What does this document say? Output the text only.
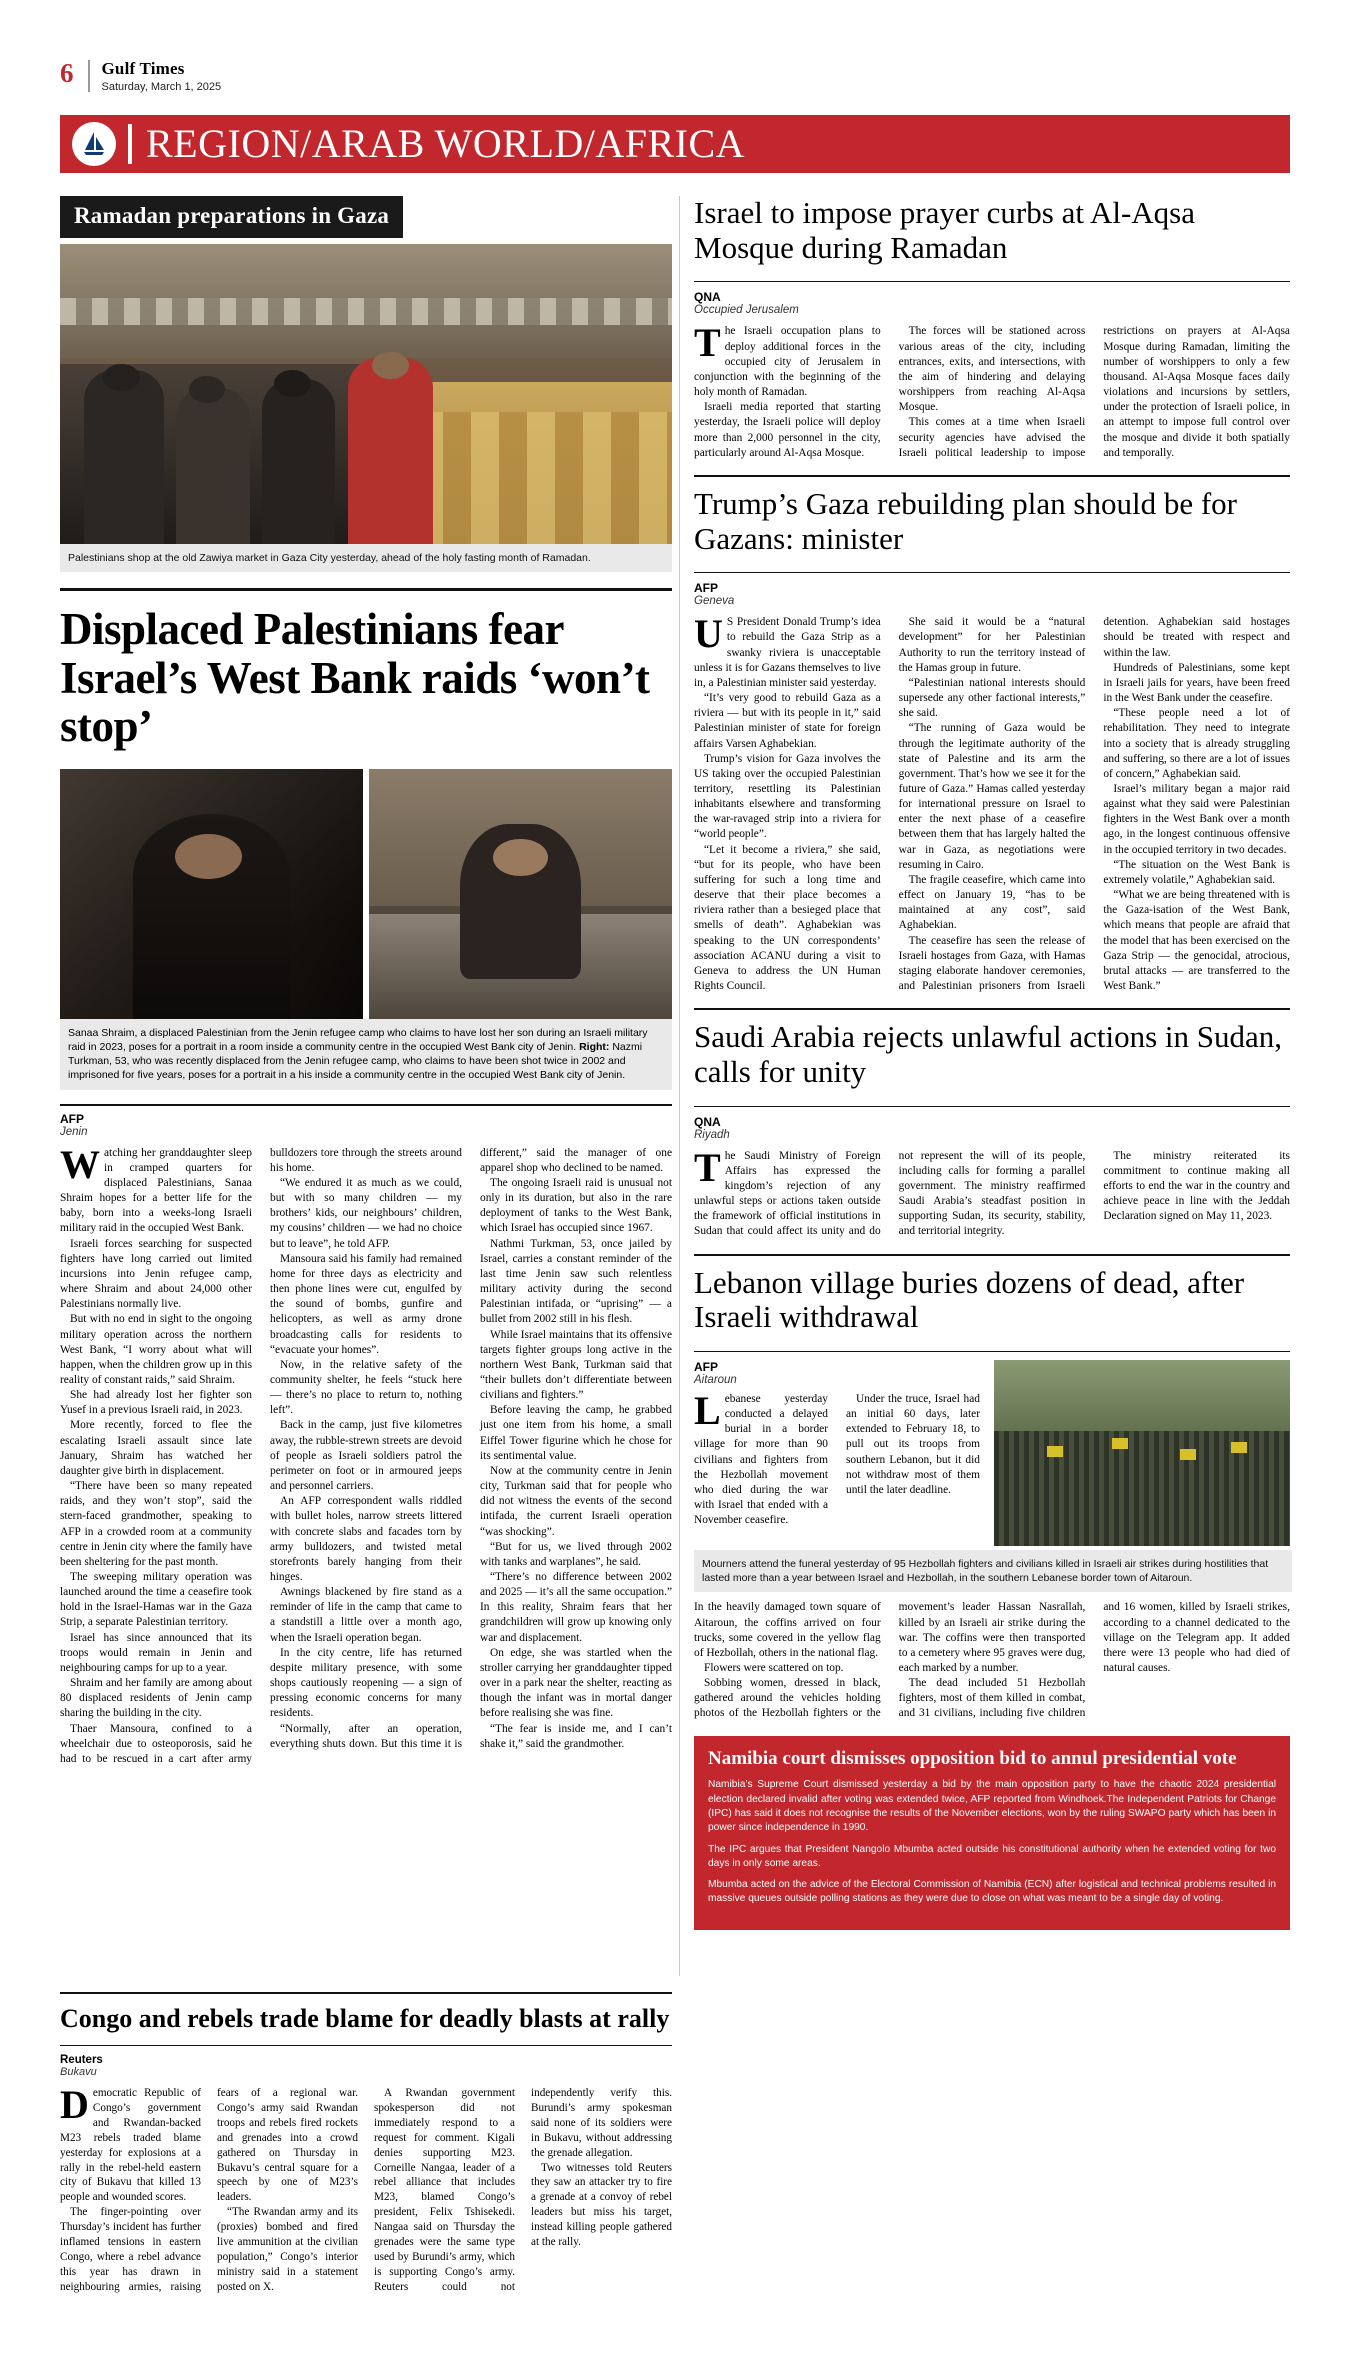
6 Gulf Times
Saturday, March 1, 2025
REGION/ARAB WORLD/AFRICA
Ramadan preparations in Gaza
Palestinians shop at the old Zawiya market in Gaza City yesterday, ahead of the holy fasting month of Ramadan.
Displaced Palestinians fear Israel’s West Bank raids ‘won’t stop’
Sanaa Shraim, a displaced Palestinian from the Jenin refugee camp who claims to have lost her son during an Israeli military raid in 2023, poses for a portrait in a room inside a community centre in the occupied West Bank city of Jenin. Right: Nazmi Turkman, 53, who was recently displaced from the Jenin refugee camp, who claims to have been shot twice in 2002 and imprisoned for five years, poses for a portrait in a his inside a community centre in the occupied West Bank city of Jenin.
AFP
Jenin

Watching her granddaughter sleep in cramped quarters for displaced Palestinians, Sanaa Shraim hopes for a better life for the baby, born into a weeks-long Israeli military raid in the occupied West Bank.

Israeli forces searching for suspected fighters have long carried out limited incursions into Jenin refugee camp, where Shraim and about 24,000 other Palestinians normally live.

But with no end in sight to the ongoing military operation across the northern West Bank, “I worry about what will happen, when the children grow up in this reality of constant raids,” said Shraim.

She had already lost her fighter son Yusef in a previous Israeli raid, in 2023.

More recently, forced to flee the escalating Israeli assault since late January, Shraim has watched her daughter give birth in displacement.

“There have been so many repeated raids, and they won’t stop”, said the stern-faced grandmother, speaking to AFP in a crowded room at a community centre in Jenin city where the family have been sheltering for the past month.

The sweeping military operation was launched around the time a ceasefire took hold in the Israel-Hamas war in the Gaza Strip, a separate Palestinian territory.

Israel has since announced that its troops would remain in Jenin and neighbouring camps for up to a year.

Shraim and her family are among about 80 displaced residents of Jenin camp sharing the building in the city.

Thaer Mansoura, confined to a wheelchair due to osteoporosis, said he had to be rescued in a cart after army bulldozers tore through the streets around his home.

“We endured it as much as we could, but with so many children — my brothers’ kids, our neighbours’ children, my cousins’ children — we had no choice but to leave”, he told AFP.

Mansoura said his family had remained home for three days as electricity and then phone lines were cut, engulfed by the sound of bombs, gunfire and helicopters, as well as army drone broadcasting calls for residents to “evacuate your homes”.

Now, in the relative safety of the community shelter, he feels “stuck here — there’s no place to return to, nothing left”.

Back in the camp, just five kilometres away, the rubble-strewn streets are devoid of people as Israeli soldiers patrol the perimeter on foot or in armoured jeeps and personnel carriers.

An AFP correspondent walls riddled with bullet holes, narrow streets littered with concrete slabs and facades torn by army bulldozers, and twisted metal storefronts barely hanging from their hinges.

Awnings blackened by fire stand as a reminder of life in the camp that came to a standstill a little over a month ago, when the Israeli operation began.

In the city centre, life has returned despite military presence, with some shops cautiously reopening — a sign of pressing economic concerns for many residents.

“Normally, after an operation, everything shuts down. But this time it is different,” said the manager of one apparel shop who declined to be named.

The ongoing Israeli raid is unusual not only in its duration, but also in the rare deployment of tanks to the West Bank, which Israel has occupied since 1967.

Nathmi Turkman, 53, once jailed by Israel, carries a constant reminder of the last time Jenin saw such relentless military activity during the second Palestinian intifada, or “uprising” — a bullet from 2002 still in his flesh.

While Israel maintains that its offensive targets fighter groups long active in the northern West Bank, Turkman said that “their bullets don’t differentiate between civilians and fighters.”

Before leaving the camp, he grabbed just one item from his home, a small Eiffel Tower figurine which he chose for its sentimental value.

Now at the community centre in Jenin city, Turkman said that for people who did not witness the events of the second intifada, the current Israeli operation “was shocking”.

“But for us, we lived through 2002 with tanks and warplanes”, he said.

“There’s no difference between 2002 and 2025 — it’s all the same occupation.” In this reality, Shraim fears that her grandchildren will grow up knowing only war and displacement.

On edge, she was startled when the stroller carrying her granddaughter tipped over in a park near the shelter, reacting as though the infant was in mortal danger before realising she was fine.

“The fear is inside me, and I can’t shake it,” said the grandmother.

Israel to impose prayer curbs at Al-Aqsa Mosque during Ramadan
QNA
Occupied Jerusalem

The Israeli occupation plans to deploy additional forces in the occupied city of Jerusalem in conjunction with the beginning of the holy month of Ramadan.

Israeli media reported that starting yesterday, the Israeli police will deploy more than 2,000 personnel in the city, particularly around Al-Aqsa Mosque.

The forces will be stationed across various areas of the city, including entrances, exits, and intersections, with the aim of hindering and delaying worshippers from reaching Al-Aqsa Mosque.

This comes at a time when Israeli security agencies have advised the Israeli political leadership to impose restrictions on prayers at Al-Aqsa Mosque during Ramadan, limiting the number of worshippers to only a few thousand. Al-Aqsa Mosque faces daily violations and incursions by settlers, under the protection of Israeli police, in an attempt to impose full control over the mosque and divide it both spatially and temporally.

Trump’s Gaza rebuilding plan should be for Gazans: minister
AFP
Geneva

US President Donald Trump’s idea to rebuild the Gaza Strip as a swanky riviera is unacceptable unless it is for Gazans themselves to live in, a Palestinian minister said yesterday.

“It’s very good to rebuild Gaza as a riviera — but with its people in it,” said Palestinian minister of state for foreign affairs Varsen Aghabekian.

Trump’s vision for Gaza involves the US taking over the occupied Palestinian territory, resettling its Palestinian inhabitants elsewhere and transforming the war-ravaged strip into a riviera for “world people”.

“Let it become a riviera,” she said, “but for its people, who have been suffering for such a long time and deserve that their place becomes a riviera rather than a besieged place that smells of death”. Aghabekian was speaking to the UN correspondents’ association ACANU during a visit to Geneva to address the UN Human Rights Council.

She said it would be a “natural development” for her Palestinian Authority to run the territory instead of the Hamas group in future.

“Palestinian national interests should supersede any other factional interests,” she said.

“The running of Gaza would be through the legitimate authority of the state of Palestine and its arm the government. That’s how we see it for the future of Gaza.” Hamas called yesterday for international pressure on Israel to enter the next phase of a ceasefire between them that has largely halted the war in Gaza, as negotiations were resuming in Cairo.

The fragile ceasefire, which came into effect on January 19, “has to be maintained at any cost”, said Aghabekian.

The ceasefire has seen the release of Israeli hostages from Gaza, with Hamas staging elaborate handover ceremonies, and Palestinian prisoners from Israeli detention. Aghabekian said hostages should be treated with respect and within the law.

Hundreds of Palestinians, some kept in Israeli jails for years, have been freed in the West Bank under the ceasefire.

“These people need a lot of rehabilitation. They need to integrate into a society that is already struggling and suffering, so there are a lot of issues of concern,” Aghabekian said.

Israel’s military began a major raid against what they said were Palestinian fighters in the West Bank over a month ago, in the longest continuous offensive in the occupied territory in two decades.

“The situation on the West Bank is extremely volatile,” Aghabekian said.

“What we are being threatened with is the Gaza-isation of the West Bank, which means that people are afraid that the model that has been exercised on the Gaza Strip — the genocidal, atrocious, brutal attacks — are transferred to the West Bank.”

Saudi Arabia rejects unlawful actions in Sudan, calls for unity
QNA
Riyadh

The Saudi Ministry of Foreign Affairs has expressed the kingdom’s rejection of any unlawful steps or actions taken outside the framework of official institutions in Sudan that could affect its unity and do not represent the will of its people, including calls for forming a parallel government. The ministry reaffirmed Saudi Arabia’s steadfast position in supporting Sudan, its security, stability, and territorial integrity.

The ministry reiterated its commitment to continue making all efforts to end the war in the country and achieve peace in line with the Jeddah Declaration signed on May 11, 2023.

Lebanon village buries dozens of dead, after Israeli withdrawal
AFP
Aitaroun

Lebanese yesterday conducted a delayed burial in a border village for more than 90 civilians and fighters from the Hezbollah movement who died during the war with Israel that ended with a November ceasefire.

Under the truce, Israel had an initial 60 days, later extended to February 18, to pull out its troops from southern Lebanon, but it did not withdraw most of them until the later deadline.

Mourners attend the funeral yesterday of 95 Hezbollah fighters and civilians killed in Israeli air strikes during hostilities that lasted more than a year between Israel and Hezbollah, in the southern Lebanese border town of Aitaroun.

In the heavily damaged town square of Aitaroun, the coffins arrived on four trucks, some covered in the yellow flag of Hezbollah, others in the national flag.

Flowers were scattered on top.

Sobbing women, dressed in black, gathered around the vehicles holding photos of the Hezbollah fighters or the movement’s leader Hassan Nasrallah, killed by an Israeli air strike during the war. The coffins were then transported to a cemetery where 95 graves were dug, each marked by a number.

The dead included 51 Hezbollah fighters, most of them killed in combat, and 31 civilians, including five children and 16 women, killed by Israeli strikes, according to a channel dedicated to the village on the Telegram app. It added there were 13 people who had died of natural causes.

Namibia court dismisses opposition bid to annul presidential vote

Namibia’s Supreme Court dismissed yesterday a bid by the main opposition party to have the chaotic 2024 presidential election declared invalid after voting was extended twice, AFP reported from Windhoek.The Independent Patriots for Change (IPC) has said it does not recognise the results of the November elections, won by the ruling SWAPO party which has been in power since independence in 1990.

The IPC argues that President Nangolo Mbumba acted outside his constitutional authority when he extended voting for two days in only some areas.

Mbumba acted on the advice of the Electoral Commission of Namibia (ECN) after logistical and technical problems resulted in massive queues outside polling stations as they were due to close on what was meant to be a single day of voting.

Congo and rebels trade blame for deadly blasts at rally
Reuters
Bukavu

Democratic Republic of Congo’s government and Rwandan-backed M23 rebels traded blame yesterday for explosions at a rally in the rebel-held eastern city of Bukavu that killed 13 people and wounded scores.

The finger-pointing over Thursday’s incident has further inflamed tensions in eastern Congo, where a rebel advance this year has drawn in neighbouring armies, raising fears of a regional war. Congo’s army said Rwandan troops and rebels fired rockets and grenades into a crowd gathered on Thursday in Bukavu’s central square for a speech by one of M23’s leaders.

“The Rwandan army and its (proxies) bombed and fired live ammunition at the civilian population,” Congo’s interior ministry said in a statement posted on X.

A Rwandan government spokesperson did not immediately respond to a request for comment. Kigali denies supporting M23. Corneille Nangaa, leader of a rebel alliance that includes M23, blamed Congo’s president, Felix Tshisekedi. Nangaa said on Thursday the grenades were the same type used by Burundi’s army, which is supporting Congo’s army. Reuters could not independently verify this. Burundi’s army spokesman said none of its soldiers were in Bukavu, without addressing the grenade allegation.

Two witnesses told Reuters they saw an attacker try to fire a grenade at a convoy of rebel leaders but miss his target, instead killing people gathered at the rally.
